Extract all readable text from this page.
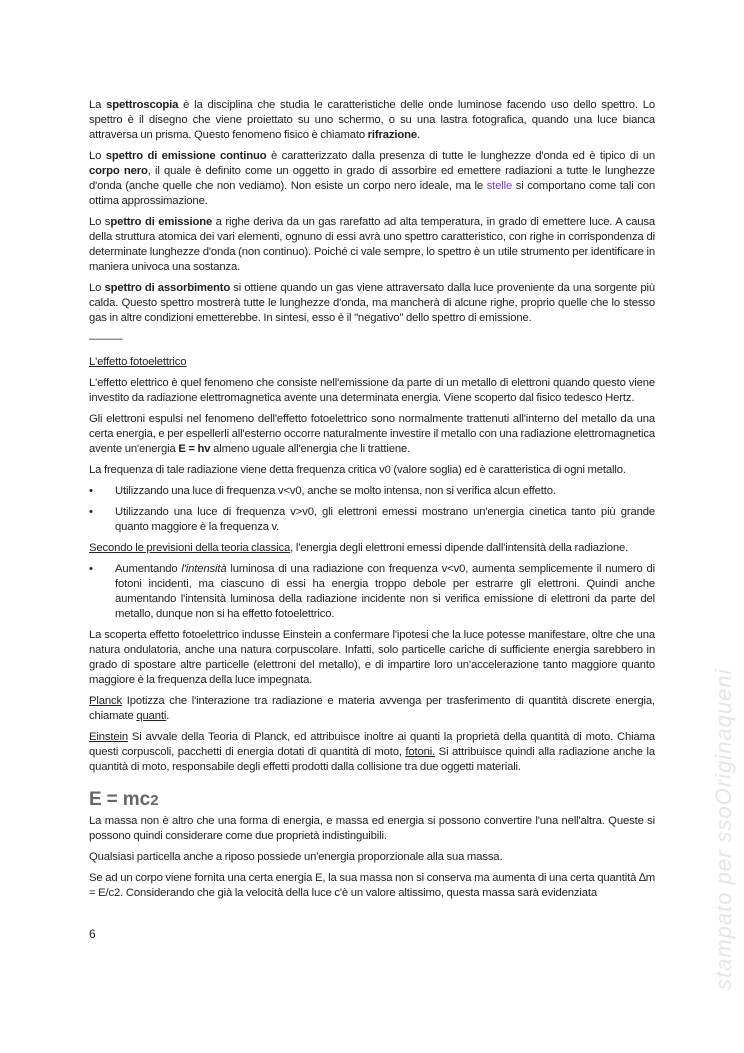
La spettroscopia è la disciplina che studia le caratteristiche delle onde luminose facendo uso dello spettro. Lo spettro è il disegno che viene proiettato su uno schermo, o su una lastra fotografica, quando una luce bianca attraversa un prisma. Questo fenomeno fisico è chiamato rifrazione.

Lo spettro di emissione continuo è caratterizzato dalla presenza di tutte le lunghezze d'onda ed è tipico di un corpo nero, il quale è definito come un oggetto in grado di assorbire ed emettere radiazioni a tutte le lunghezze d'onda (anche quelle che non vediamo). Non esiste un corpo nero ideale, ma le stelle si comportano come tali con ottima approssimazione.

Lo spettro di emissione a righe deriva da un gas rarefatto ad alta temperatura, in grado di emettere luce. A causa della struttura atomica dei vari elementi, ognuno di essi avrà uno spettro caratteristico, con righe in corrispondenza di determinate lunghezze d'onda (non continuo). Poiché ci vale sempre, lo spettro è un utile strumento per identificare in maniera univoca una sostanza.

Lo spettro di assorbimento si ottiene quando un gas viene attraversato dalla luce proveniente da una sorgente più calda. Questo spettro mostrerà tutte le lunghezze d'onda, ma mancherà di alcune righe, proprio quelle che lo stesso gas in altre condizioni emetterebbe. In sintesi, esso è il "negativo" dello spettro di emissione.

———

L'effetto fotoelettrico

L'effetto elettrico è quel fenomeno che consiste nell'emissione da parte di un metallo di elettroni quando questo viene investito da radiazione elettromagnetica avente una determinata energia. Viene scoperto dal fisico tedesco Hertz.

Gli elettroni espulsi nel fenomeno dell'effetto fotoelettrico sono normalmente trattenuti all'interno del metallo da una certa energia, e per espellerli all'esterno occorre naturalmente investire il metallo con una radiazione elettromagnetica avente un'energia E = hv almeno uguale all'energia che li trattiene.

La frequenza di tale radiazione viene detta frequenza critica v0 (valore soglia) ed è caratteristica di ogni metallo.

•	Utilizzando una luce di frequenza v<v0, anche se molto intensa, non si verifica alcun effetto.

•	Utilizzando una luce di frequenza v>v0, gli elettroni emessi mostrano un'energia cinetica tanto più grande quanto maggiore è la frequenza v.

Secondo le previsioni della teoria classica, l'energia degli elettroni emessi dipende dall'intensità della radiazione.

•	Aumentando l'intensità luminosa di una radiazione con frequenza v<v0, aumenta semplicemente il numero di fotoni incidenti, ma ciascuno di essi ha energia troppo debole per estrarre gli elettroni. Quindi anche aumentando l'intensità luminosa della radiazione incidente non si verifica emissione di elettroni da parte del metallo, dunque non si ha effetto fotoelettrico.

La scoperta effetto fotoelettrico indusse Einstein a confermare l'ipotesi che la luce potesse manifestare, oltre che una natura ondulatoria, anche una natura corpuscolare. Infatti, solo particelle cariche di sufficiente energia sarebbero in grado di spostare altre particelle (elettroni del metallo), e di impartire loro un'accelerazione tanto maggiore quanto maggiore è la frequenza della luce impegnata.

Planck Ipotizza che l'interazione tra radiazione e materia avvenga per trasferimento di quantità discrete energia, chiamate quanti.

Einstein Si avvale della Teoria di Planck, ed attribuisce inoltre ai quanti la proprietà della quantità di moto. Chiama questi corpuscoli, pacchetti di energia dotati di quantità di moto, fotoni. Si attribuisce quindi alla radiazione anche la quantità di moto, responsabile degli effetti prodotti dalla collisione tra due oggetti materiali.

E = mc2

La massa non è altro che una forma di energia, e massa ed energia si possono convertire l'una nell'altra. Queste si possono quindi considerare come due proprietà indistinguibili.

Qualsiasi particella anche a riposo possiede un'energia proporzionale alla sua massa.

Se ad un corpo viene fornita una certa energia E, la sua massa non si conserva ma aumenta di una certa quantità ∆m = E/c2. Considerando che già la velocità della luce c'è un valore altissimo, questa massa sarà evidenziata

6	stampato per ssoOriginaqueni
